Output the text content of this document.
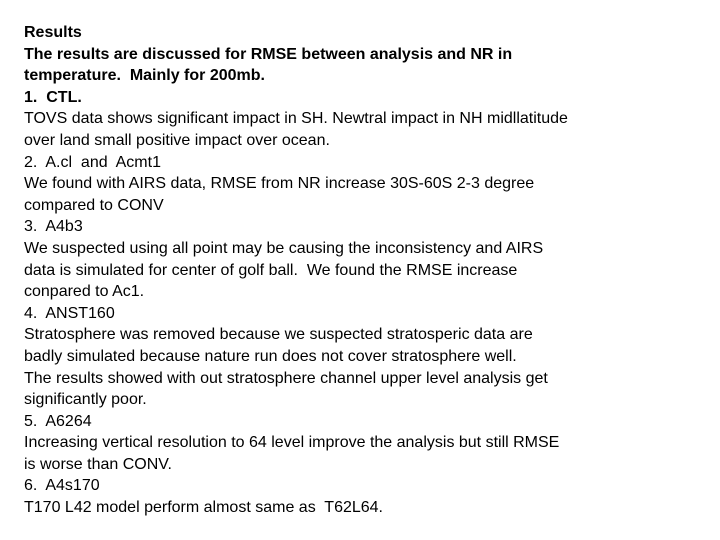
Results
The results are discussed for RMSE between analysis and NR in
temperature.  Mainly for 200mb.
1.  CTL.
TOVS data shows significant impact in SH. Newtral impact in NH midllatitude
over land small positive impact over ocean.
2.  A.cl  and  Acmt1
We found with AIRS data, RMSE from NR increase 30S-60S 2-3 degree
compared to CONV
3.  A4b3
We suspected using all point may be causing the inconsistency and AIRS
data is simulated for center of golf ball.  We found the RMSE increase
conpared to Ac1.
4.  ANST160
Stratosphere was removed because we suspected stratosperic data are
badly simulated because nature run does not cover stratosphere well.
The results showed with out stratosphere channel upper level analysis get
significantly poor.
5.  A6264
Increasing vertical resolution to 64 level improve the analysis but still RMSE
is worse than CONV.
6.  A4s170
T170 L42 model perform almost same as  T62L64.
